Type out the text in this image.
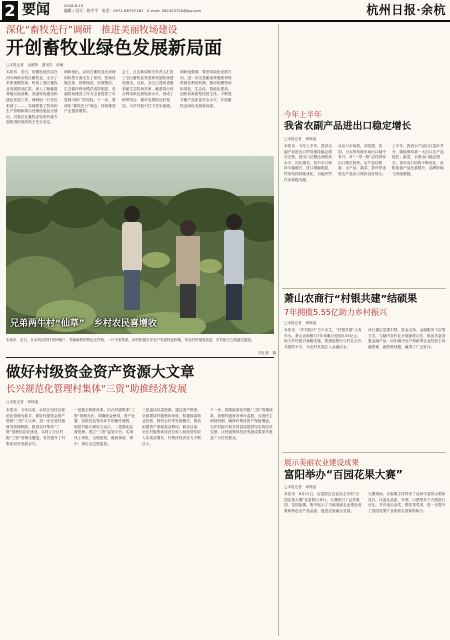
2 要闻	2018.8.15
编辑 / 设计：陈宇平 电话：0571-86757187 E-mail: 562423720@qq.com	杭州日报·余杭
深化“畜牧先行”调研　推进美丽牧场建设
开创畜牧业绿色发展新局面
□本报记者　金颖特　通讯员　孙楠
本报讯　近日，省畜牧兽医局在四川调研余杭区畜牧业，走访了多家规模牧场，听取了我区畜牧业发展情况汇报，深入了解畜禽养殖污染治理、美丽牧场建设和绿色发展工作。调研组一行先后来到了……，实地察看了牧场的生产管理和粪污处理设施运行情况，对我区在畜牧业转型升级方面取得的成效给予充分肯定。
调研指出，余杭区畜牧业在治理和转型方面走在了前列，牧场设施完善，管理规范，环境整洁，生态循环利用模式成效明显，美丽牧场建设工作为全省提供了可复制可推广的经验。下一步，要深化“畜牧先行”理念，持续推进产业提质增效。
会上，区农林局相关负责人汇报了全区畜牧业发展和美丽牧场建设情况。目前，全区已建成省级美丽生态牧场多家，畜禽粪污综合利用率达到较高水平，形成了种养结合、循环发展的良好格局，为乡村振兴打下坚实基础。
调研组强调，要坚持绿色发展方向，进一步完善畜禽养殖废弃物资源化利用机制，推动规模牧场标准化、生态化、智能化建设，加快培育新型经营主体，不断提升畜产品质量安全水平，开创畜牧业绿色发展新局面。
兄弟两牛村“仙草”　乡村农民喜增收
本报讯　近日，在余杭区的村民种植户，采摘新鲜的特色农作物，一片丰收景象。该村积极引导农户发展特色种植，带动村民增收致富，乡村振兴之路越走越宽。
刘仕斌　摄
做好村级资金资产资源大文章
长兴规范化管理村集体“三资”助推经济发展
□本报记者　章铸凌
本报讯　今年以来，余杭区坚持以规范化管理为抓手，做好村级资金资产资源“三资”大文章，进一步完善村级财务管理制度，推进农村集体“三资”管理信息化建设，实现了全区村级“三资”管理全覆盖，有效提升了村集体经济发展水平。
一是健全制度体系。出台村级集体“三资”管理办法，明确资金使用、资产处置、资源发包等各环节的操作流程，规范村级小微权力运行。二是强化监督管理。建立“三资”监管平台，实现线上审批、全程留痕，做到事前、事中、事后全过程监管。
三是盘活存量资源。通过清产核资，全面摸清村级集体家底，积极探索物业经营、股份合作等发展模式，推动闲置资产资源盘活利用。截至目前，全区村级集体经济总收入和经营性收入实现双增长，村集体经济实力不断壮大。
下一步，将继续深化村级“三资”管理改革，加强村级财务审计监督，完善民主理财机制，确保村集体资产保值增值，为乡村振兴和共同富裕提供坚实的经济支撑，让村级集体经济发展成果更多惠及广大村民群众。
今年上半年
我省农副产品进出口稳定增长
□本报记者　章铸凌
本报讯　今年上半年，我省农副产品进出口贸易保持稳定增长态势，进出口总额达到较高水平，同比增长。其中出口保持平稳增长，进口增幅明显，贸易结构持续优化，为稳外贸作出积极贡献。
从出口市场看，对欧盟、美国、日本等传统市场出口稳中有升，对“一带一路”沿线国家出口增长较快。从产品结构看，水产品、蔬菜、茶叶等优势农产品出口保持良好势头。
上半年，我省水产品出口量价齐升，继续保持第一大出口农产品地位；蔬菜、水果出口稳定增长；茶叶出口结构不断优化，高附加值产品比重提升，品牌影响力持续增强。
萧山农商行“村银共建”结硕果
7年拥揽5.55亿助力乡村振兴
□本报记者　章铸凌
本报讯　“乡村振兴”方兴未艾，“村银共建”大有作为。萧山农商银行7年来累计投放5.55亿元，助力乡村振兴战略实施，搭建起银行与村社合作共建的平台，为农村发展注入金融活水。
该行通过党建引领、资金支持、金融服务下沉等方式，与辖内各村社开展深度合作，推出多款普惠金融产品，切实解决农户和新型农业经营主体融资难、融资贵问题，赢得了广泛好评。
展示美丽农业建设成果
富阳举办“百园花果大赛”
□本报记者　章铸凌
本报讯　8月11日，由富阳区农业局主办的“百园花果大赛”在富阳区举行。大赛吸引了众多果园、花园参赛，集中展示了当地美丽农业建设成果和特色农产品品质，促进农旅融合发展。
大赛现场，各参赛主体带来了品种丰富的水果和花卉，评委从品质、外观、口感等多个方面进行评比，并评选出金奖、银奖等奖项，进一步提升了富阳花果产业的知名度和影响力。
